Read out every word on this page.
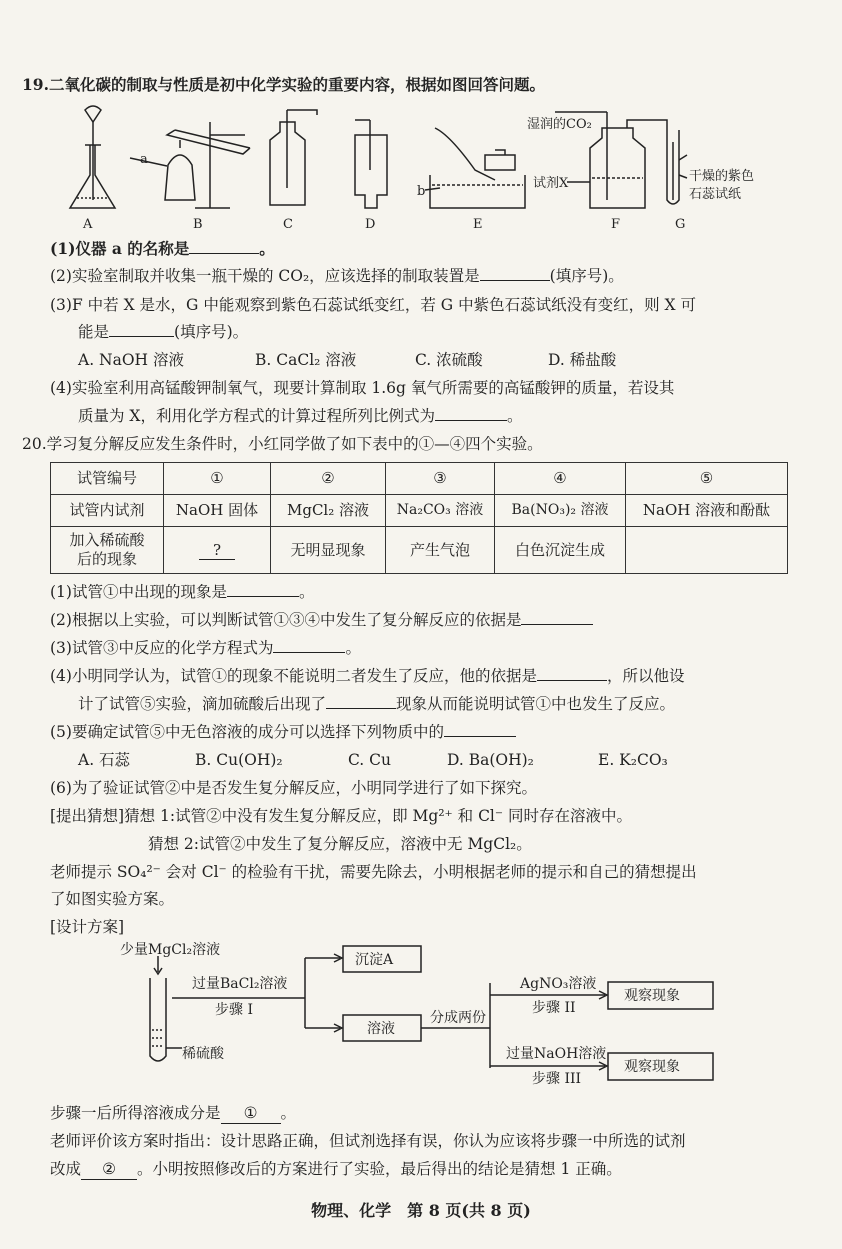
19.二氧化碳的制取与性质是初中化学实验的重要内容，根据如图回答问题。
A	B	C	D	E	F	G
a
b
湿润的CO₂
试剂X	干燥的紫色
石蕊试纸
(1)仪器 a 的名称是	。
(2)实验室制取并收集一瓶干燥的 CO₂，应该选择的制取装置是	(填序号)。
(3)F 中若 X 是水，G 中能观察到紫色石蕊试纸变红，若 G 中紫色石蕊试纸没有变红，则 X 可
能是	(填序号)。
A. NaOH 溶液	B. CaCl₂ 溶液	C. 浓硫酸	D. 稀盐酸
(4)实验室利用高锰酸钾制氧气，现要计算制取 1.6g 氧气所需要的高锰酸钾的质量，若设其
质量为 X，利用化学方程式的计算过程所列比例式为	。
20.学习复分解反应发生条件时，小红同学做了如下表中的①—④四个实验。
试管编号	①	②	③	④	⑤
试管内试剂	NaOH 固体	MgCl₂ 溶液	Na₂CO₃ 溶液	Ba(NO₃)₂ 溶液	NaOH 溶液和酚酞

加入稀硫酸
后的现象	?	无明显现象	产生气泡	白色沉淀生成	
(1)试管①中出现的现象是	。
(2)根据以上实验，可以判断试管①③④中发生了复分解反应的依据是
(3)试管③中反应的化学方程式为	。
(4)小明同学认为，试管①的现象不能说明二者发生了反应，他的依据是	，所以他设
计了试管⑤实验，滴加硫酸后出现了	现象从而能说明试管①中也发生了反应。
(5)要确定试管⑤中无色溶液的成分可以选择下列物质中的
A. 石蕊	B. Cu(OH)₂	C. Cu	D. Ba(OH)₂	E. K₂CO₃
(6)为了验证试管②中是否发生复分解反应，小明同学进行了如下探究。
[提出猜想]猜想 1:试管②中没有发生复分解反应，即 Mg²⁺ 和 Cl⁻ 同时存在溶液中。
猜想 2:试管②中发生了复分解反应，溶液中无 MgCl₂。
老师提示 SO₄²⁻ 会对 Cl⁻ 的检验有干扰，需要先除去，小明根据老师的提示和自己的猜想提出
了如图实验方案。
[设计方案]
少量MgCl₂溶液
过量BaCl₂溶液
步骤 I
稀硫酸
沉淀A
溶液
分成两份
AgNO₃溶液
步骤 II
过量NaOH溶液
步骤 III
观察现象
观察现象
步骤一后所得溶液成分是 ① 。
老师评价该方案时指出：设计思路正确，但试剂选择有误，你认为应该将步骤一中所选的试剂
改成 ② 。小明按照修改后的方案进行了实验，最后得出的结论是猜想 1 正确。
物理、化学　第 8 页(共 8 页)
